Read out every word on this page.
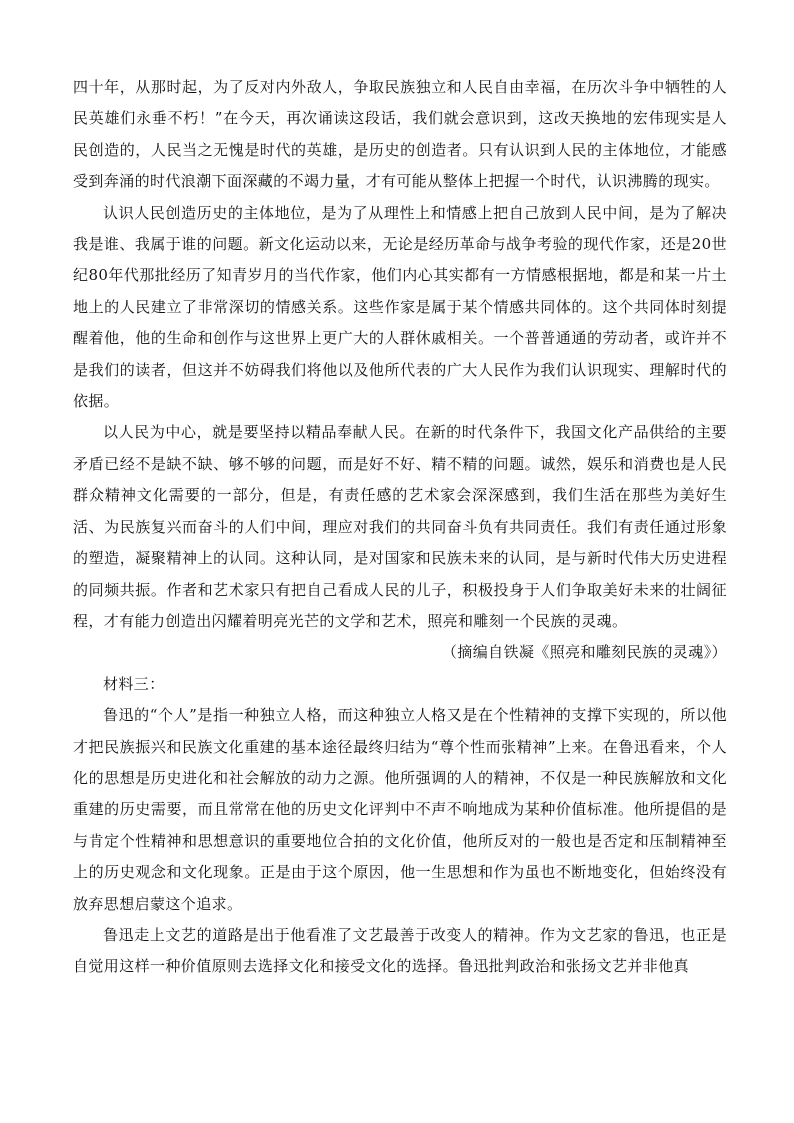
四十年，从那时起，为了反对内外敌人，争取民族独立和人民自由幸福，在历次斗争中牺牲的人民英雄们永垂不朽！”在今天，再次诵读这段话，我们就会意识到，这改天换地的宏伟现实是人民创造的，人民当之无愧是时代的英雄，是历史的创造者。只有认识到人民的主体地位，才能感受到奔涌的时代浪潮下面深藏的不竭力量，才有可能从整体上把握一个时代，认识沸腾的现实。

认识人民创造历史的主体地位，是为了从理性上和情感上把自己放到人民中间，是为了解决我是谁、我属于谁的问题。新文化运动以来，无论是经历革命与战争考验的现代作家，还是20世纪80年代那批经历了知青岁月的当代作家，他们内心其实都有一方情感根据地，都是和某一片土地上的人民建立了非常深切的情感关系。这些作家是属于某个情感共同体的。这个共同体时刻提醒着他，他的生命和创作与这世界上更广大的人群休戚相关。一个普普通通的劳动者，或许并不是我们的读者，但这并不妨碍我们将他以及他所代表的广大人民作为我们认识现实、理解时代的依据。

以人民为中心，就是要坚持以精品奉献人民。在新的时代条件下，我国文化产品供给的主要矛盾已经不是缺不缺、够不够的问题，而是好不好、精不精的问题。诚然，娱乐和消费也是人民群众精神文化需要的一部分，但是，有责任感的艺术家会深深感到，我们生活在那些为美好生活、为民族复兴而奋斗的人们中间，理应对我们的共同奋斗负有共同责任。我们有责任通过形象的塑造，凝聚精神上的认同。这种认同，是对国家和民族未来的认同，是与新时代伟大历史进程的同频共振。作者和艺术家只有把自己看成人民的儿子，积极投身于人们争取美好未来的壮阔征程，才有能力创造出闪耀着明亮光芒的文学和艺术，照亮和雕刻一个民族的灵魂。

（摘编自铁凝《照亮和雕刻民族的灵魂》）

材料三：

鲁迅的“个人”是指一种独立人格，而这种独立人格又是在个性精神的支撑下实现的，所以他才把民族振兴和民族文化重建的基本途径最终归结为“尊个性而张精神”上来。在鲁迅看来，个人化的思想是历史进化和社会解放的动力之源。他所强调的人的精神，不仅是一种民族解放和文化重建的历史需要，而且常常在他的历史文化评判中不声不响地成为某种价值标准。他所提倡的是与肯定个性精神和思想意识的重要地位合拍的文化价值，他所反对的一般也是否定和压制精神至上的历史观念和文化现象。正是由于这个原因，他一生思想和作为虽也不断地变化，但始终没有放弃思想启蒙这个追求。

鲁迅走上文艺的道路是出于他看准了文艺最善于改变人的精神。作为文艺家的鲁迅，也正是自觉用这样一种价值原则去选择文化和接受文化的选择。鲁迅批判政治和张扬文艺并非他真
